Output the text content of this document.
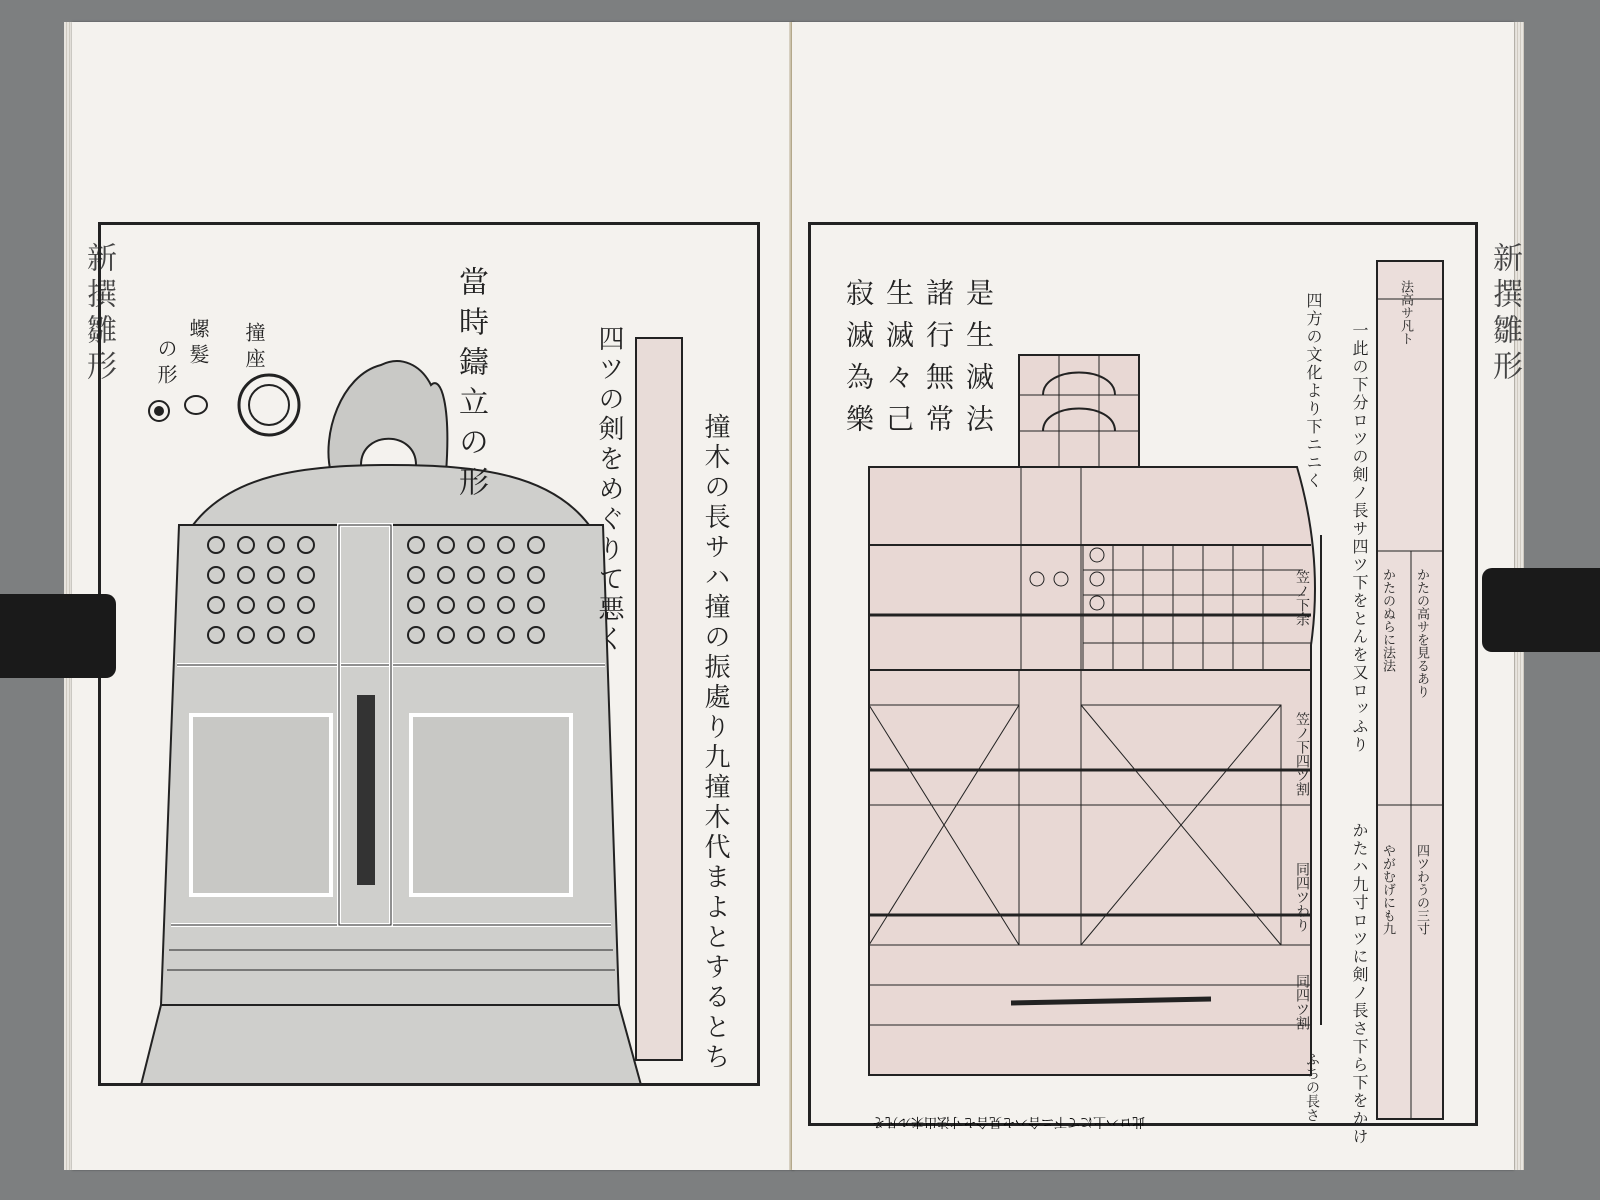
新撰雛形
撞木の長サハ撞の振處り九撞木代まよとするとち
四ツの剣をめぐりて悪く
當時鑄立の形
撞座
螺髮
の形	新撰雛形
是生滅法
諸行無常
生滅々己
寂滅為樂	四方の文化より下ニニく 一此の下分ロツの剣ノ長サ四ツ下をとんを又ロッふり
かたハ九寸ロツに剣ノ長さ下ら下をかけ
法高サ凡ト
かたの高サを見るあり
かたのぬらに法法
四ツわうの三寸
やがむげにも九
笠ノ下余
笠ノ下四ツ割
同四ツわり
同四ツ割
ふちの長さ
此ロハ上にて下ニ合ハセ見合セ寸法出来ル凡そ
